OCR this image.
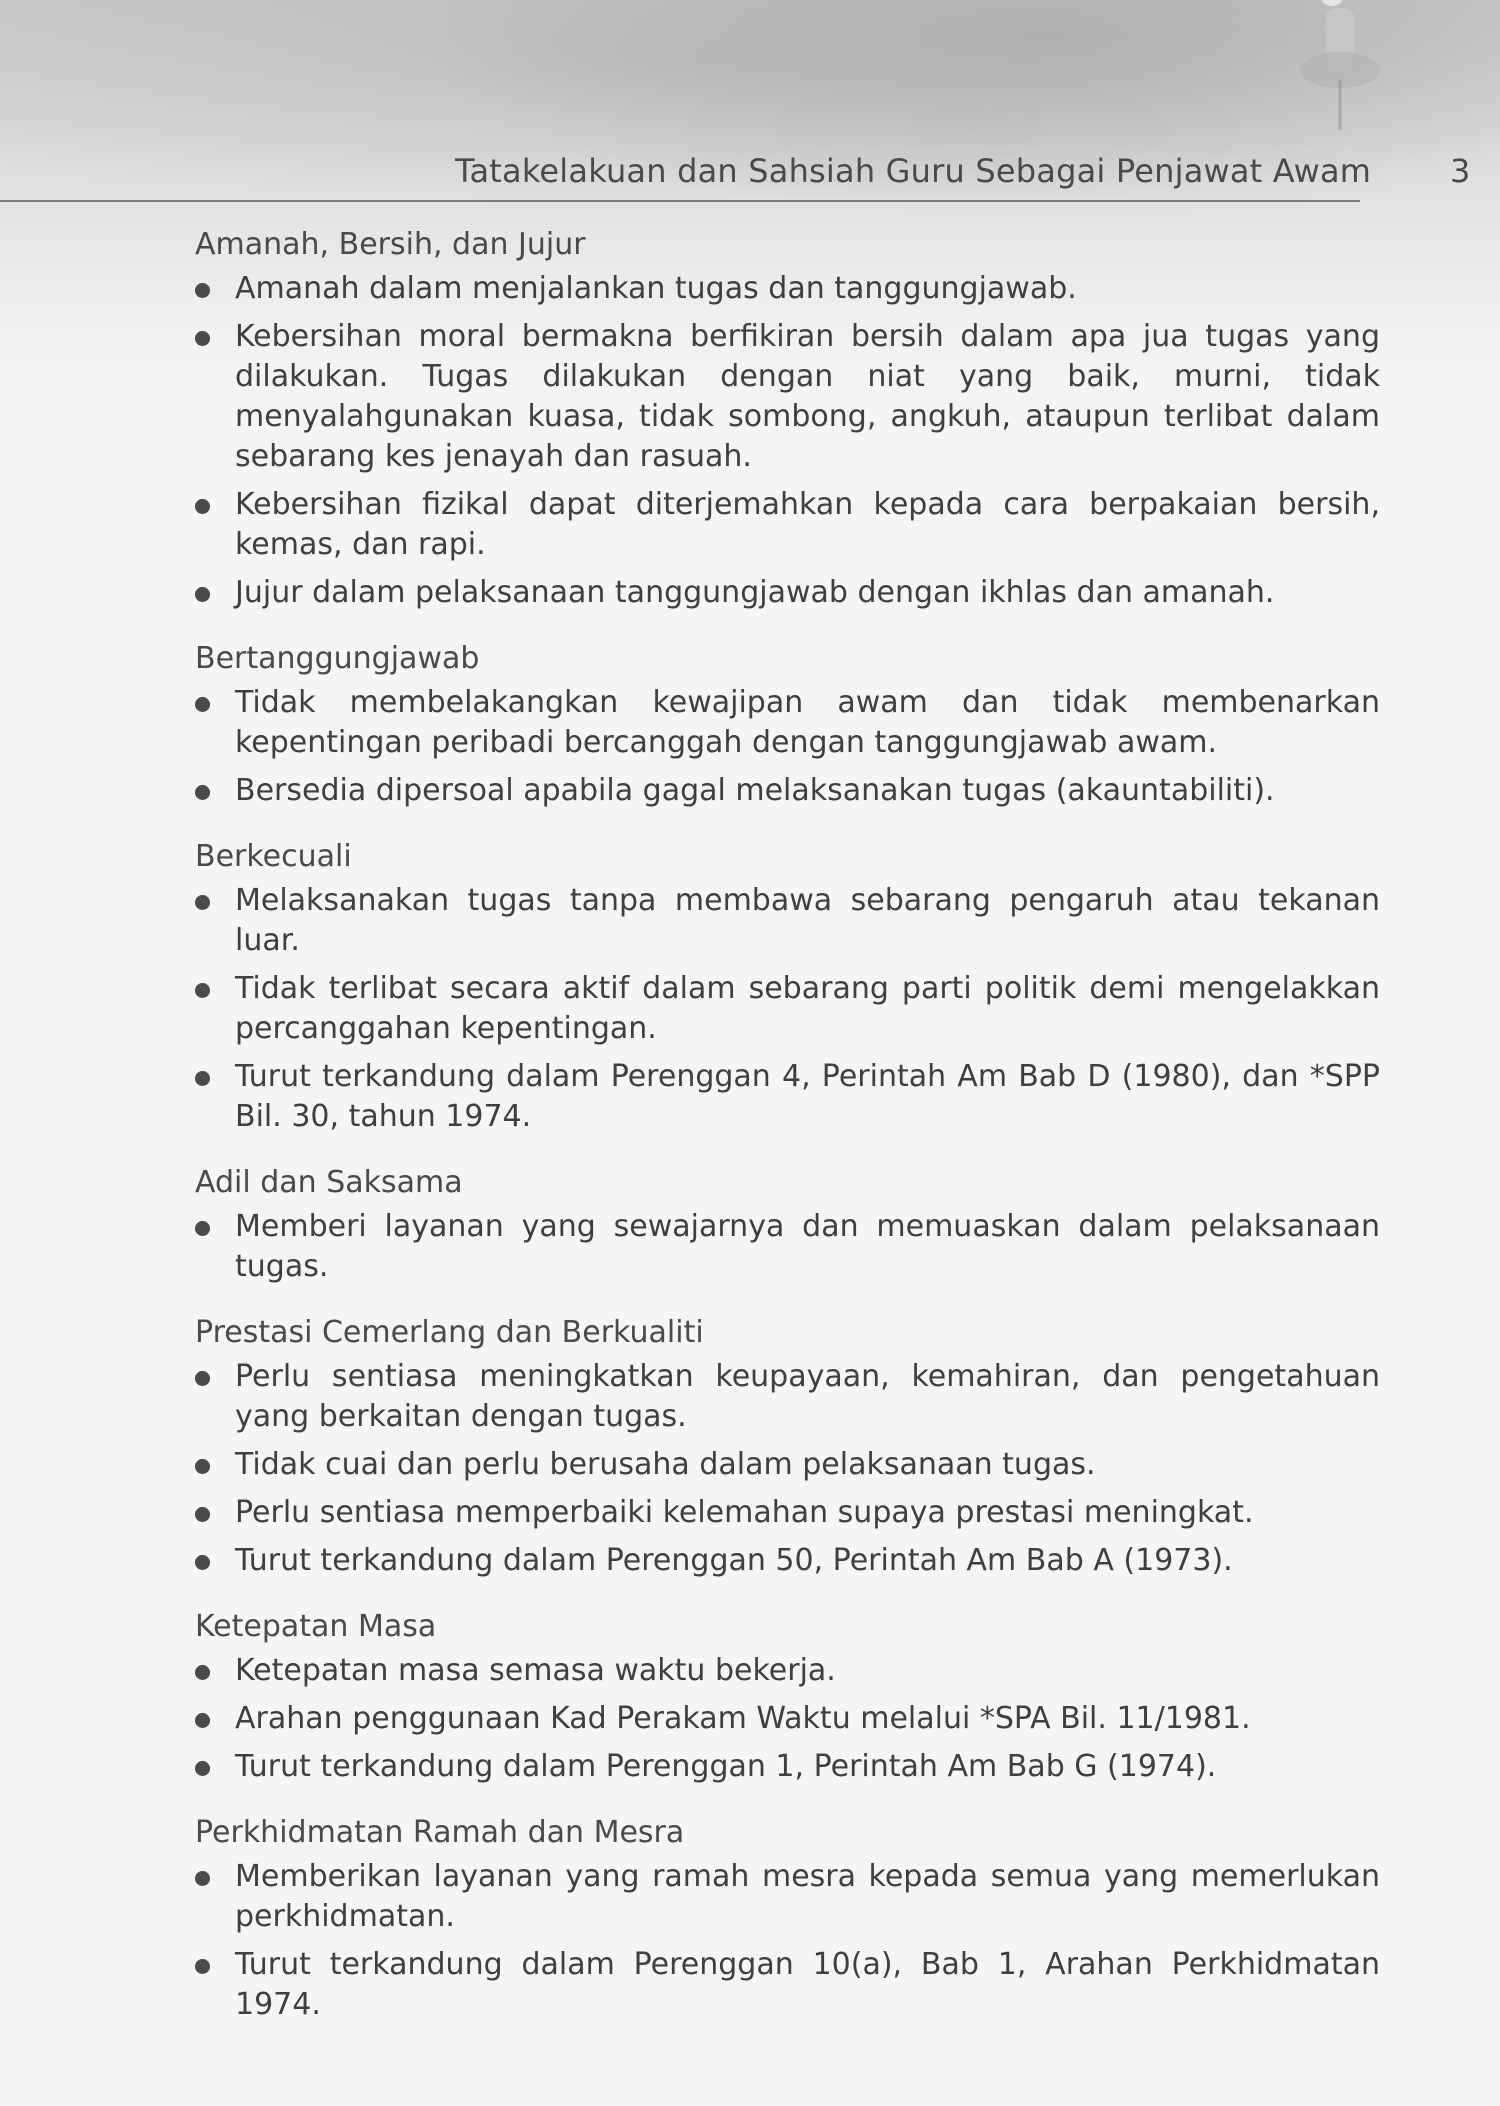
Tatakelakuan dan Sahsiah Guru Sebagai Penjawat Awam 3
Amanah, Bersih, dan Jujur
Amanah dalam menjalankan tugas dan tanggungjawab.
Kebersihan moral bermakna berfikiran bersih dalam apa jua tugas yang dilakukan. Tugas dilakukan dengan niat yang baik, murni, tidak menyalahgunakan kuasa, tidak sombong, angkuh, ataupun terlibat dalam sebarang kes jenayah dan rasuah.
Kebersihan fizikal dapat diterjemahkan kepada cara berpakaian bersih, kemas, dan rapi.
Jujur dalam pelaksanaan tanggungjawab dengan ikhlas dan amanah.
Bertanggungjawab
Tidak membelakangkan kewajipan awam dan tidak membenarkan kepentingan peribadi bercanggah dengan tanggungjawab awam.
Bersedia dipersoal apabila gagal melaksanakan tugas (akauntabiliti).
Berkecuali
Melaksanakan tugas tanpa membawa sebarang pengaruh atau tekanan luar.
Tidak terlibat secara aktif dalam sebarang parti politik demi mengelakkan percanggahan kepentingan.
Turut terkandung dalam Perenggan 4, Perintah Am Bab D (1980), dan *SPP Bil. 30, tahun 1974.
Adil dan Saksama
Memberi layanan yang sewajarnya dan memuaskan dalam pelaksanaan tugas.
Prestasi Cemerlang dan Berkualiti
Perlu sentiasa meningkatkan keupayaan, kemahiran, dan pengetahuan yang berkaitan dengan tugas.
Tidak cuai dan perlu berusaha dalam pelaksanaan tugas.
Perlu sentiasa memperbaiki kelemahan supaya prestasi meningkat.
Turut terkandung dalam Perenggan 50, Perintah Am Bab A (1973).
Ketepatan Masa
Ketepatan masa semasa waktu bekerja.
Arahan penggunaan Kad Perakam Waktu melalui *SPA Bil. 11/1981.
Turut terkandung dalam Perenggan 1, Perintah Am Bab G (1974).
Perkhidmatan Ramah dan Mesra
Memberikan layanan yang ramah mesra kepada semua yang memerlukan perkhidmatan.
Turut terkandung dalam Perenggan 10(a), Bab 1, Arahan Perkhidmatan 1974.
